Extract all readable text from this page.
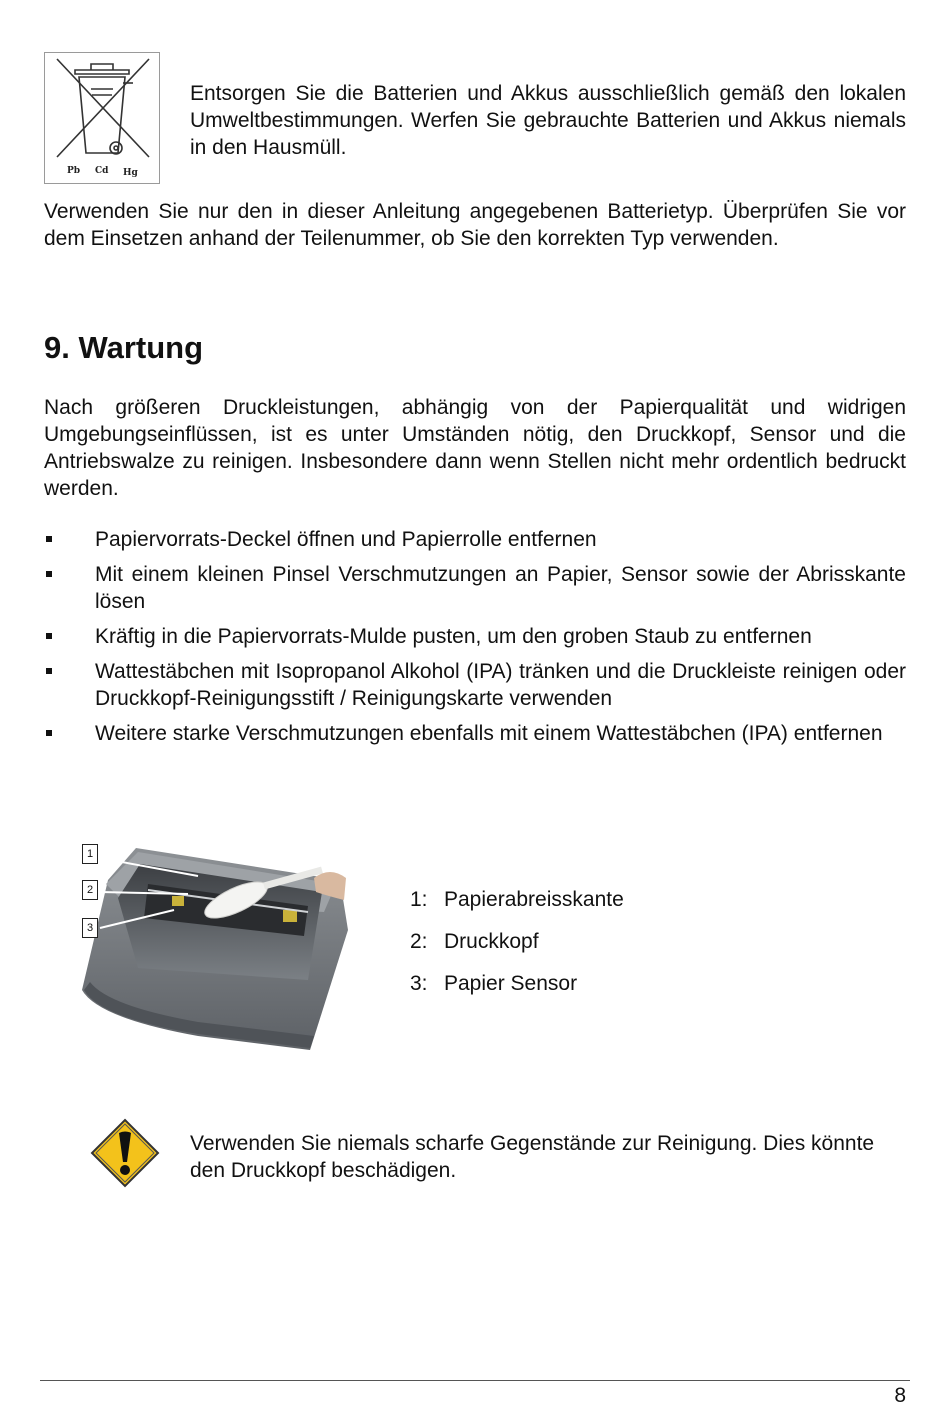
Pb Cd Hg

Entsorgen Sie die Batterien und Akkus ausschließlich gemäß den lokalen Umweltbestimmungen. Werfen Sie gebrauchte Batterien und Akkus niemals in den Hausmüll.

Verwenden Sie nur den in dieser Anleitung angegebenen Batterietyp. Überprüfen Sie vor dem Einsetzen anhand der Teilenummer, ob Sie den korrekten Typ verwenden.

9. Wartung

Nach größeren Druckleistungen, abhängig von der Papierqualität und widrigen Umgebungseinflüssen, ist es unter Umständen nötig, den Druckkopf, Sensor und die Antriebswalze zu reinigen. Insbesondere dann wenn Stellen nicht mehr ordentlich bedruckt werden.

Papiervorrats-Deckel öffnen und Papierrolle entfernen
Mit einem kleinen Pinsel Verschmutzungen an Papier, Sensor sowie der Abrisskante lösen
Kräftig in die Papiervorrats-Mulde pusten, um den groben Staub zu entfernen
Wattestäbchen mit Isopropanol Alkohol (IPA) tränken und die Druckleiste reinigen oder Druckkopf-Reinigungsstift / Reinigungskarte verwenden
Weitere starke Verschmutzungen ebenfalls mit einem Wattestäbchen (IPA) entfernen
1
2
3
1: Papierabreisskante
2: Druckkopf
3: Papier Sensor

Verwenden Sie niemals scharfe Gegenstände zur Reinigung. Dies könnte den Druckkopf beschädigen.

8
